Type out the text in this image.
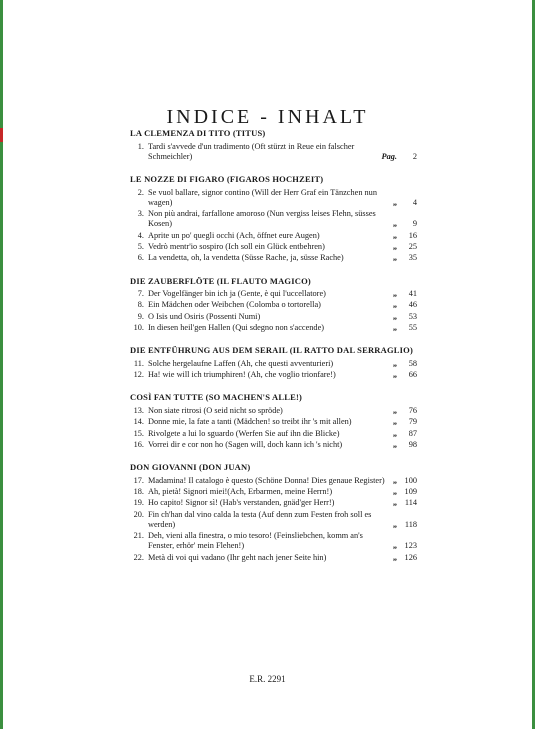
INDICE - INHALT
LA CLEMENZA DI TITO (TITUS)
1. Tardi s'avvede d'un tradimento (Oft stürzt in Reue ein falscher Schmeichler)	Pag.	2
LE NOZZE DI FIGARO (FIGAROS HOCHZEIT)
2. Se vuol ballare, signor contino (Will der Herr Graf ein Tänzchen nun wagen)	„	4
3. Non più andrai, farfallone amoroso (Nun vergiss leises Flehn, süsses Kosen)	„	9
4. Aprite un po' quegli occhi (Ach, öffnet eure Augen)	„	16
5. Vedrò mentr'io sospiro (Ich soll ein Glück entbehren)	„	25
6. La vendetta, oh, la vendetta (Süsse Rache, ja, süsse Rache)	„	35
DIE ZAUBERFLÖTE (IL FLAUTO MAGICO)
7. Der Vogelfänger bin ich ja (Gente, è qui l'uccellatore)	„	41
8. Ein Mädchen oder Weibchen (Colomba o tortorella)	„	46
9. O Isis und Osiris (Possenti Numi)	„	53
10. In diesen heil'gen Hallen (Qui sdegno non s'accende)	„	55
DIE ENTFÜHRUNG AUS DEM SERAIL (IL RATTO DAL SERRAGLIO)
11. Solche hergelaufne Laffen (Ah, che questi avventurieri)	„	58
12. Ha! wie will ich triumphiren! (Ah, che voglio trionfare!)	„	66
COSÌ FAN TUTTE (SO MACHEN'S ALLE!)
13. Non siate ritrosi (O seid nicht so spröde)	„	76
14. Donne mie, la fate a tanti (Mädchen! so treibt ihr 's mit allen)	„	79
15. Rivolgete a lui lo sguardo (Werfen Sie auf ihn die Blicke)	„	87
16. Vorrei dir e cor non ho (Sagen will, doch kann ich 's nicht)	„	98
DON GIOVANNI (DON JUAN)
17. Madamina! Il catalogo è questo (Schöne Donna! Dies genaue Register) „ 100
18. Ah, pietà! Signori miei!(Ach, Erbarmen, meine Herrn!)	„ 109
19. Ho capito! Signor sì! (Hab's verstanden, gnäd'ger Herr!)	„ 114
20. Fin ch'han dal vino calda la testa (Auf denn zum Festen froh soll es werden)	„ 118
21. Deh, vieni alla finestra, o mio tesoro! (Feinsliebchen, komm an's Fenster, erhör' mein Flehen!)	„ 123
22. Metà di voi qui vadano (Ihr geht nach jener Seite hin)	„ 126
E.R. 2291
